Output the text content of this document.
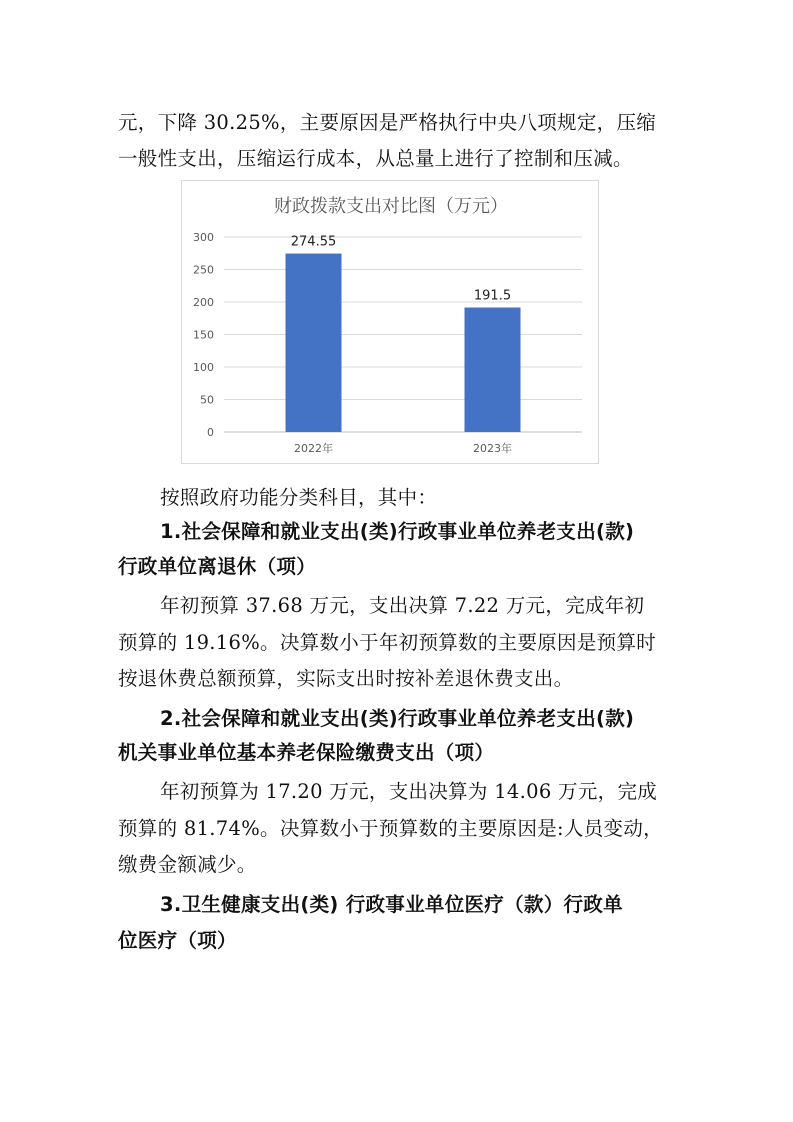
元，下降 30.25%，主要原因是严格执行中央八项规定，压缩
一般性支出，压缩运行成本，从总量上进行了控制和压减。
财政拨款支出对比图（万元）
0
50
100
150
200
250
300	274.55
2022年
191.5
2023年
按照政府功能分类科目，其中：
1.社会保障和就业支出(类)行政事业单位养老支出(款)
行政单位离退休（项）
年初预算 37.68 万元，支出决算 7.22 万元，完成年初
预算的 19.16%。决算数小于年初预算数的主要原因是预算时
按退休费总额预算，实际支出时按补差退休费支出。
2.社会保障和就业支出(类)行政事业单位养老支出(款)
机关事业单位基本养老保险缴费支出（项）
年初预算为 17.20 万元，支出决算为 14.06 万元，完成
预算的 81.74%。决算数小于预算数的主要原因是:人员变动，
缴费金额减少。
3.卫生健康支出(类) 行政事业单位医疗（款）行政单
位医疗（项）
